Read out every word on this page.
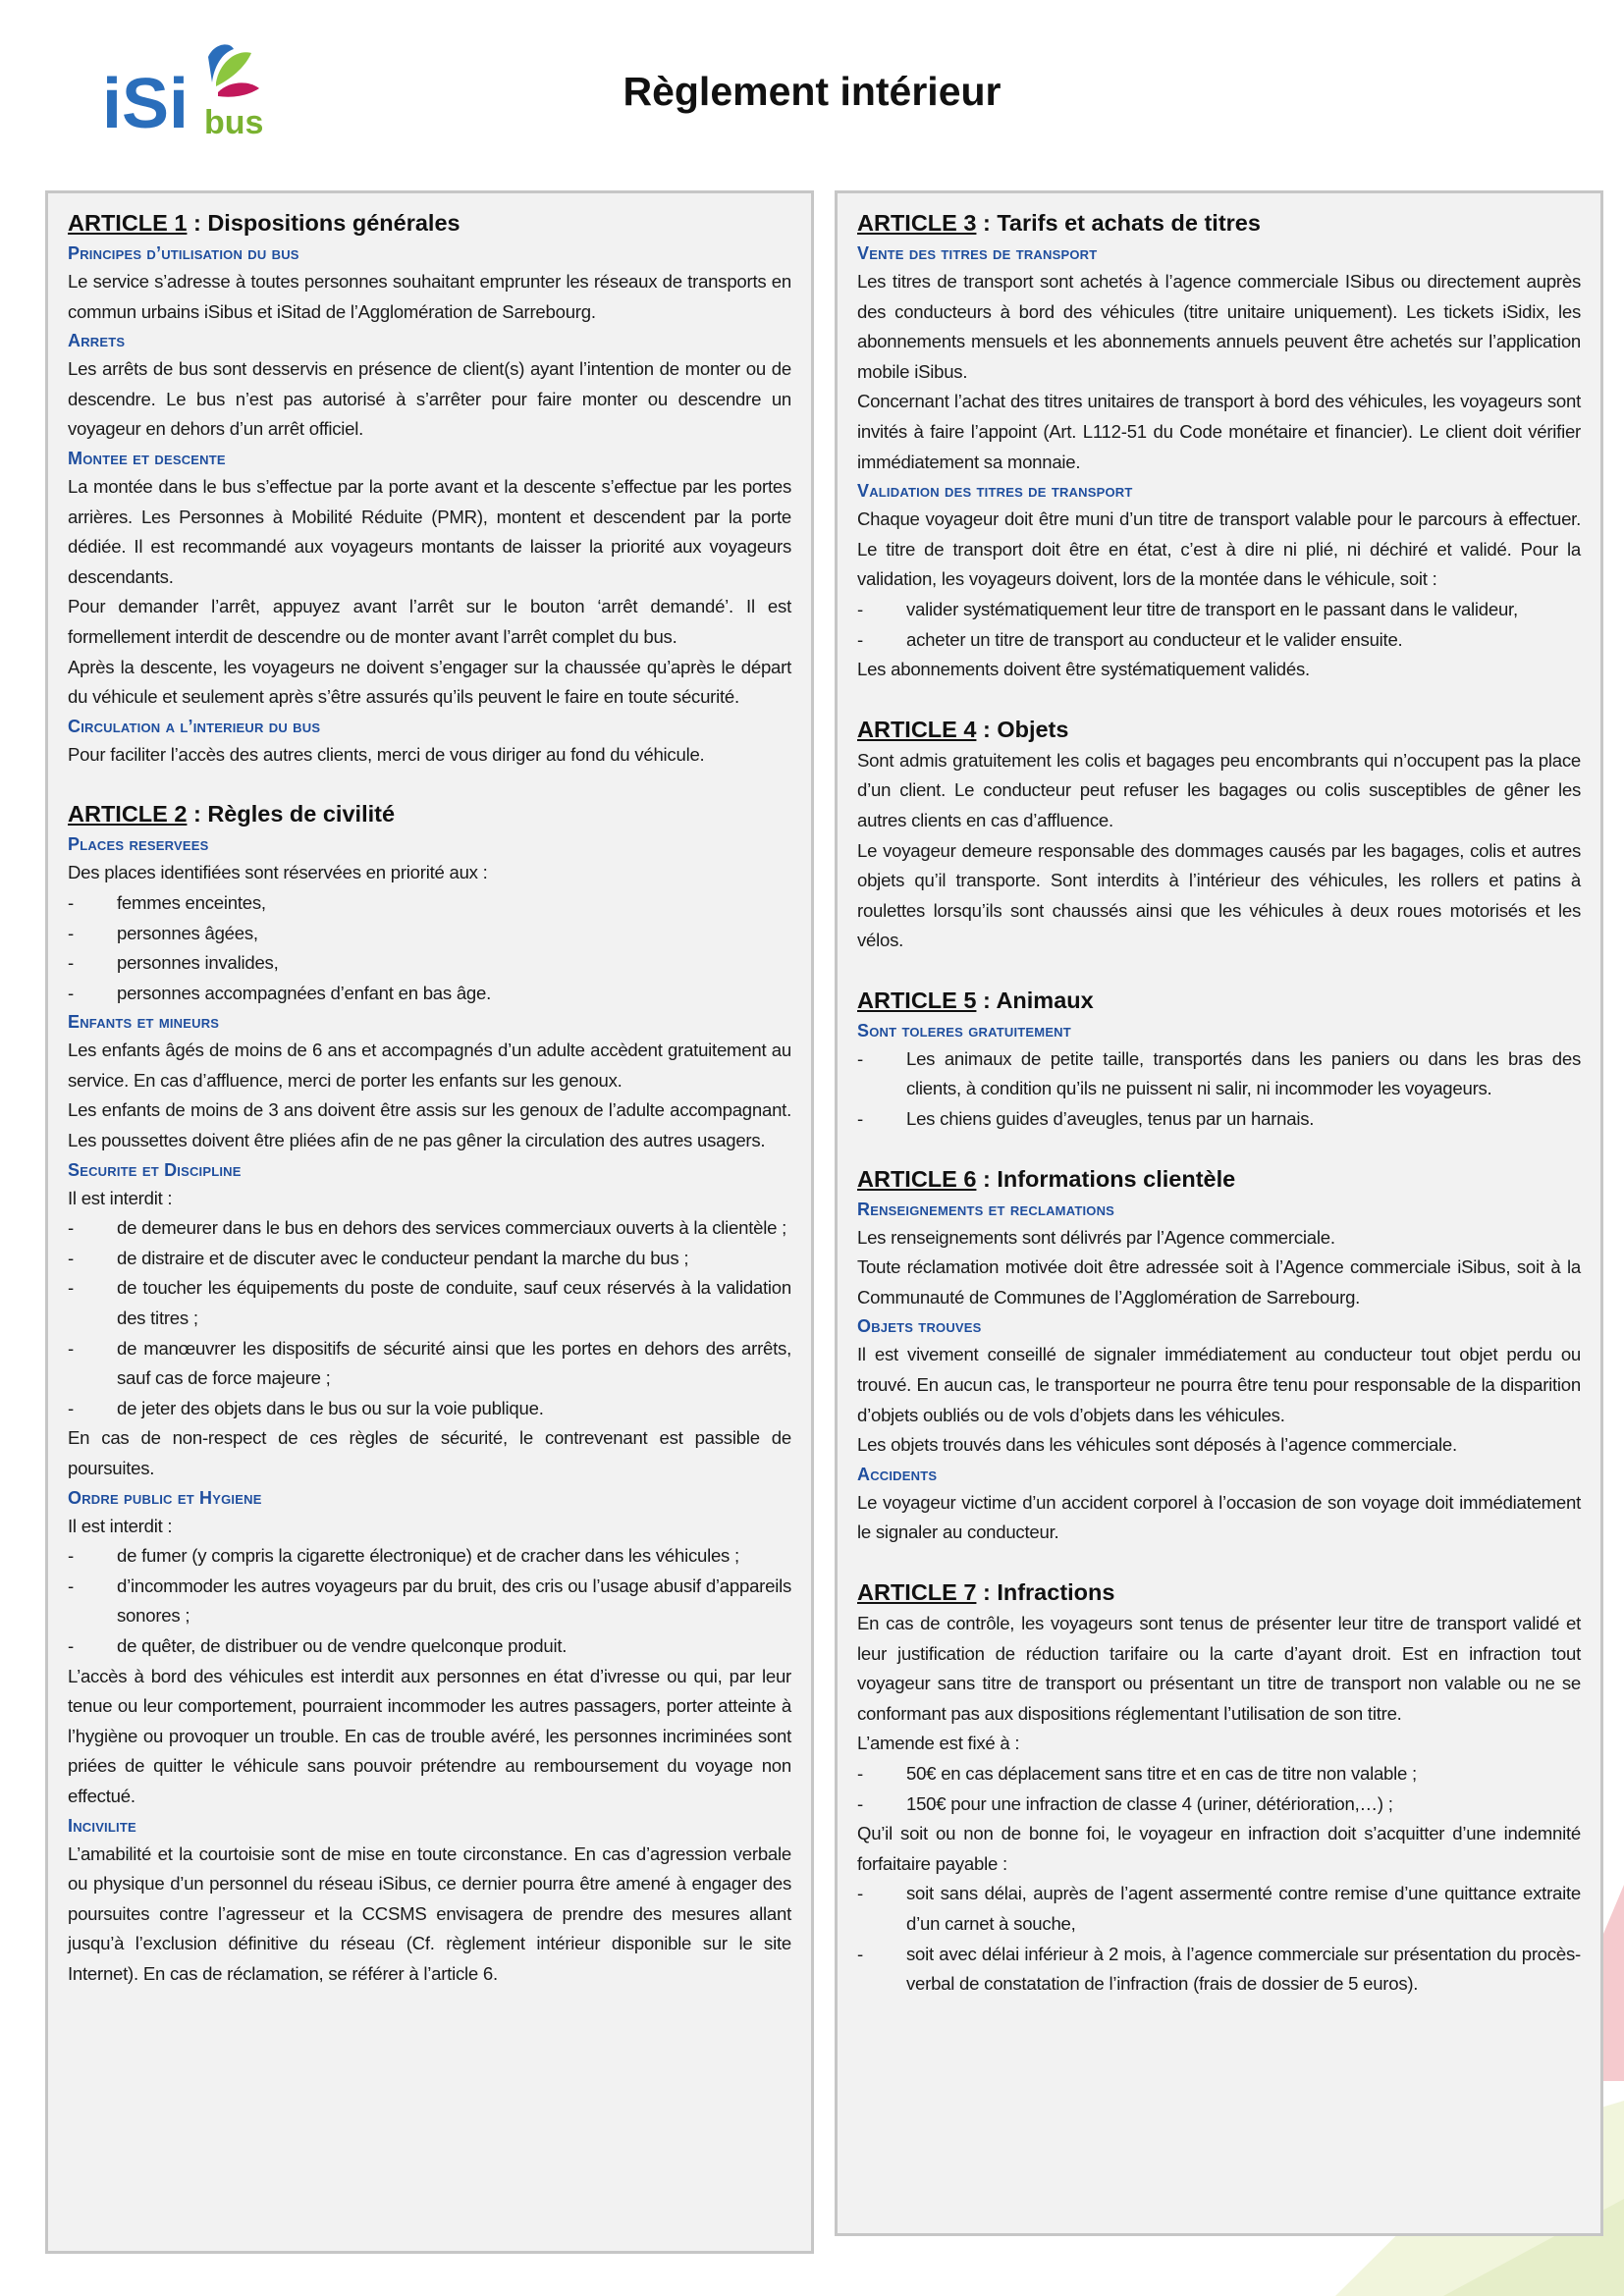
iSi bus
Règlement intérieur
ARTICLE 1 : Dispositions générales
Principes d’utilisation du bus

Le service s’adresse à toutes personnes souhaitant emprunter les réseaux de transports en commun urbains iSibus et iSitad de l’Agglomération de Sarrebourg.

Arrets

Les arrêts de bus sont desservis en présence de client(s) ayant l’intention de monter ou de descendre. Le bus n’est pas autorisé à s’arrêter pour faire monter ou descendre un voyageur en dehors d’un arrêt officiel.

Montee et descente

La montée dans le bus s’effectue par la porte avant et la descente s’effectue par les portes arrières. Les Personnes à Mobilité Réduite (PMR), montent et descendent par la porte dédiée. Il est recommandé aux voyageurs montants de laisser la priorité aux voyageurs descendants.

Pour demander l’arrêt, appuyez avant l’arrêt sur le bouton ‘arrêt demandé’. Il est formellement interdit de descendre ou de monter avant l’arrêt complet du bus.

Après la descente, les voyageurs ne doivent s’engager sur la chaussée qu’après le départ du véhicule et seulement après s’être assurés qu’ils peuvent le faire en toute sécurité.

Circulation a l’interieur du bus

Pour faciliter l’accès des autres clients, merci de vous diriger au fond du véhicule.

ARTICLE 2 : Règles de civilité
Places reservees

Des places identifiées sont réservées en priorité aux :

- femmes enceintes,
- personnes âgées,
- personnes invalides,
- personnes accompagnées d’enfant en bas âge.
Enfants et mineurs

Les enfants âgés de moins de 6 ans et accompagnés d’un adulte accèdent gratuitement au service. En cas d’affluence, merci de porter les enfants sur les genoux.

Les enfants de moins de 3 ans doivent être assis sur les genoux de l’adulte accompagnant. Les poussettes doivent être pliées afin de ne pas gêner la circulation des autres usagers.

Securite et Discipline

Il est interdit :

- de demeurer dans le bus en dehors des services commerciaux ouverts à la clientèle ;
- de distraire et de discuter avec le conducteur pendant la marche du bus ;
- de toucher les équipements du poste de conduite, sauf ceux réservés à la validation des titres ;
- de manœuvrer les dispositifs de sécurité ainsi que les portes en dehors des arrêts, sauf cas de force majeure ;
- de jeter des objets dans le bus ou sur la voie publique.

En cas de non-respect de ces règles de sécurité, le contrevenant est passible de poursuites.

Ordre public et Hygiene

Il est interdit :

- de fumer (y compris la cigarette électronique) et de cracher dans les véhicules ;
- d’incommoder les autres voyageurs par du bruit, des cris ou l’usage abusif d’appareils sonores ;
- de quêter, de distribuer ou de vendre quelconque produit.

L’accès à bord des véhicules est interdit aux personnes en état d’ivresse ou qui, par leur tenue ou leur comportement, pourraient incommoder les autres passagers, porter atteinte à l’hygiène ou provoquer un trouble. En cas de trouble avéré, les personnes incriminées sont priées de quitter le véhicule sans pouvoir prétendre au remboursement du voyage non effectué.

Incivilite

L’amabilité et la courtoisie sont de mise en toute circonstance. En cas d’agression verbale ou physique d’un personnel du réseau iSibus, ce dernier pourra être amené à engager des poursuites contre l’agresseur et la CCSMS envisagera de prendre des mesures allant jusqu’à l’exclusion définitive du réseau (Cf. règlement intérieur disponible sur le site Internet). En cas de réclamation, se référer à l’article 6.

ARTICLE 3 : Tarifs et achats de titres
Vente des titres de transport

Les titres de transport sont achetés à l’agence commerciale ISibus ou directement auprès des conducteurs à bord des véhicules (titre unitaire uniquement). Les tickets iSidix, les abonnements mensuels et les abonnements annuels peuvent être achetés sur l’application mobile iSibus.

Concernant l’achat des titres unitaires de transport à bord des véhicules, les voyageurs sont invités à faire l’appoint (Art. L112-51 du Code monétaire et financier). Le client doit vérifier immédiatement sa monnaie.

Validation des titres de transport

Chaque voyageur doit être muni d’un titre de transport valable pour le parcours à effectuer. Le titre de transport doit être en état, c’est à dire ni plié, ni déchiré et validé. Pour la validation, les voyageurs doivent, lors de la montée dans le véhicule, soit :

- valider systématiquement leur titre de transport en le passant dans le valideur,
- acheter un titre de transport au conducteur et le valider ensuite.

Les abonnements doivent être systématiquement validés.

ARTICLE 4 : Objets

Sont admis gratuitement les colis et bagages peu encombrants qui n’occupent pas la place d’un client. Le conducteur peut refuser les bagages ou colis susceptibles de gêner les autres clients en cas d’affluence.

Le voyageur demeure responsable des dommages causés par les bagages, colis et autres objets qu’il transporte. Sont interdits à l’intérieur des véhicules, les rollers et patins à roulettes lorsqu’ils sont chaussés ainsi que les véhicules à deux roues motorisés et les vélos.

ARTICLE 5 : Animaux
Sont toleres gratuitement
- Les animaux de petite taille, transportés dans les paniers ou dans les bras des clients, à condition qu’ils ne puissent ni salir, ni incommoder les voyageurs.
- Les chiens guides d’aveugles, tenus par un harnais.
ARTICLE 6 : Informations clientèle
Renseignements et reclamations

Les renseignements sont délivrés par l’Agence commerciale.

Toute réclamation motivée doit être adressée soit à l’Agence commerciale iSibus, soit à la Communauté de Communes de l’Agglomération de Sarrebourg.

Objets trouves

Il est vivement conseillé de signaler immédiatement au conducteur tout objet perdu ou trouvé. En aucun cas, le transporteur ne pourra être tenu pour responsable de la disparition d’objets oubliés ou de vols d’objets dans les véhicules.

Les objets trouvés dans les véhicules sont déposés à l’agence commerciale.

Accidents

Le voyageur victime d’un accident corporel à l’occasion de son voyage doit immédiatement le signaler au conducteur.

ARTICLE 7 : Infractions

En cas de contrôle, les voyageurs sont tenus de présenter leur titre de transport validé et leur justification de réduction tarifaire ou la carte d’ayant droit. Est en infraction tout voyageur sans titre de transport ou présentant un titre de transport non valable ou ne se conformant pas aux dispositions réglementant l’utilisation de son titre.

L’amende est fixé à :

- 50€ en cas déplacement sans titre et en cas de titre non valable ;
- 150€ pour une infraction de classe 4 (uriner, détérioration,…) ;

Qu’il soit ou non de bonne foi, le voyageur en infraction doit s’acquitter d’une indemnité forfaitaire payable :

- soit sans délai, auprès de l’agent assermenté contre remise d’une quittance extraite d’un carnet à souche,
- soit avec délai inférieur à 2 mois, à l’agence commerciale sur présentation du procès-verbal de constatation de l’infraction (frais de dossier de 5 euros).
